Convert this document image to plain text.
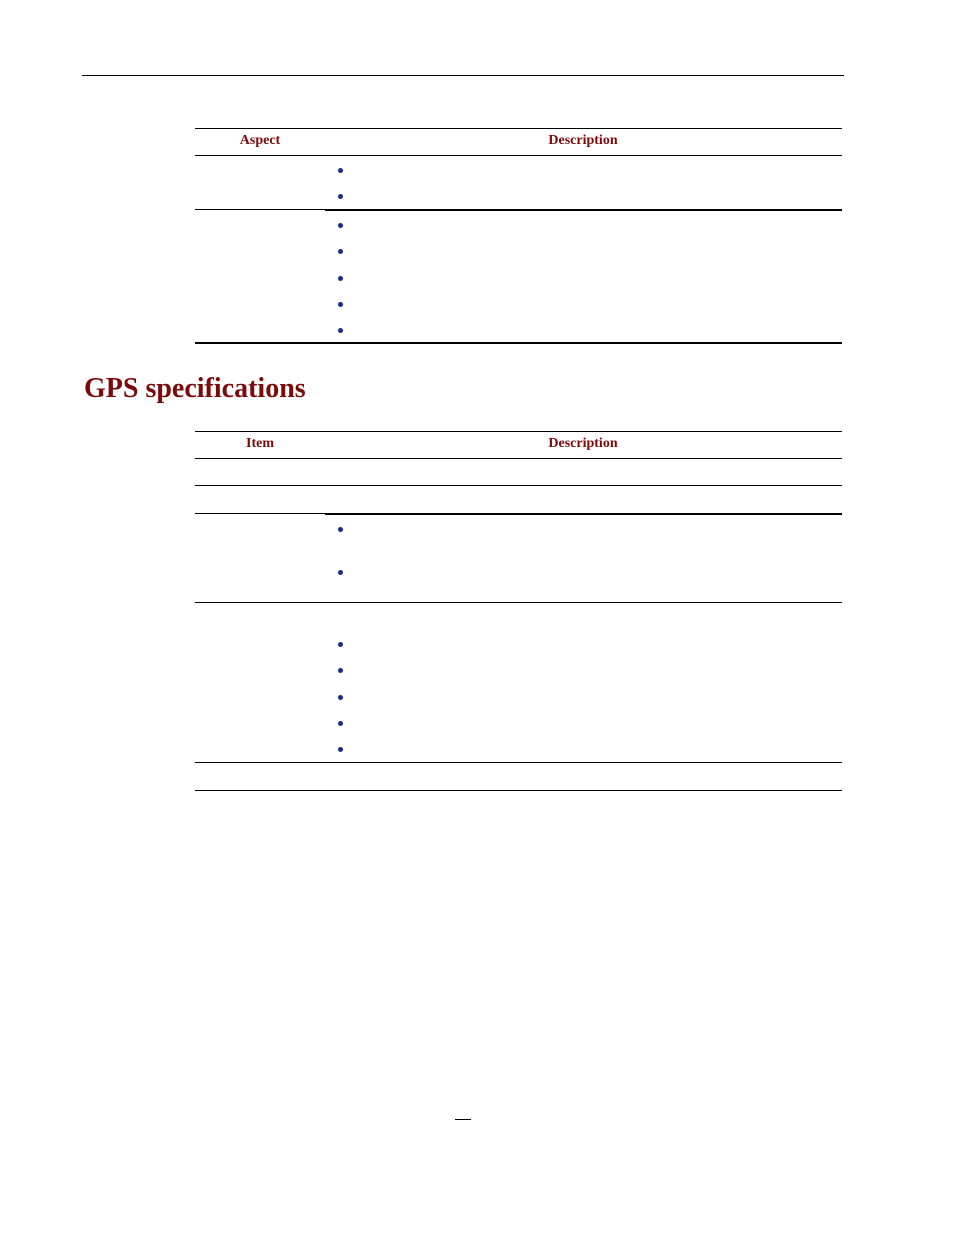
Aspect	Description
GPS specifications
Item	Description
